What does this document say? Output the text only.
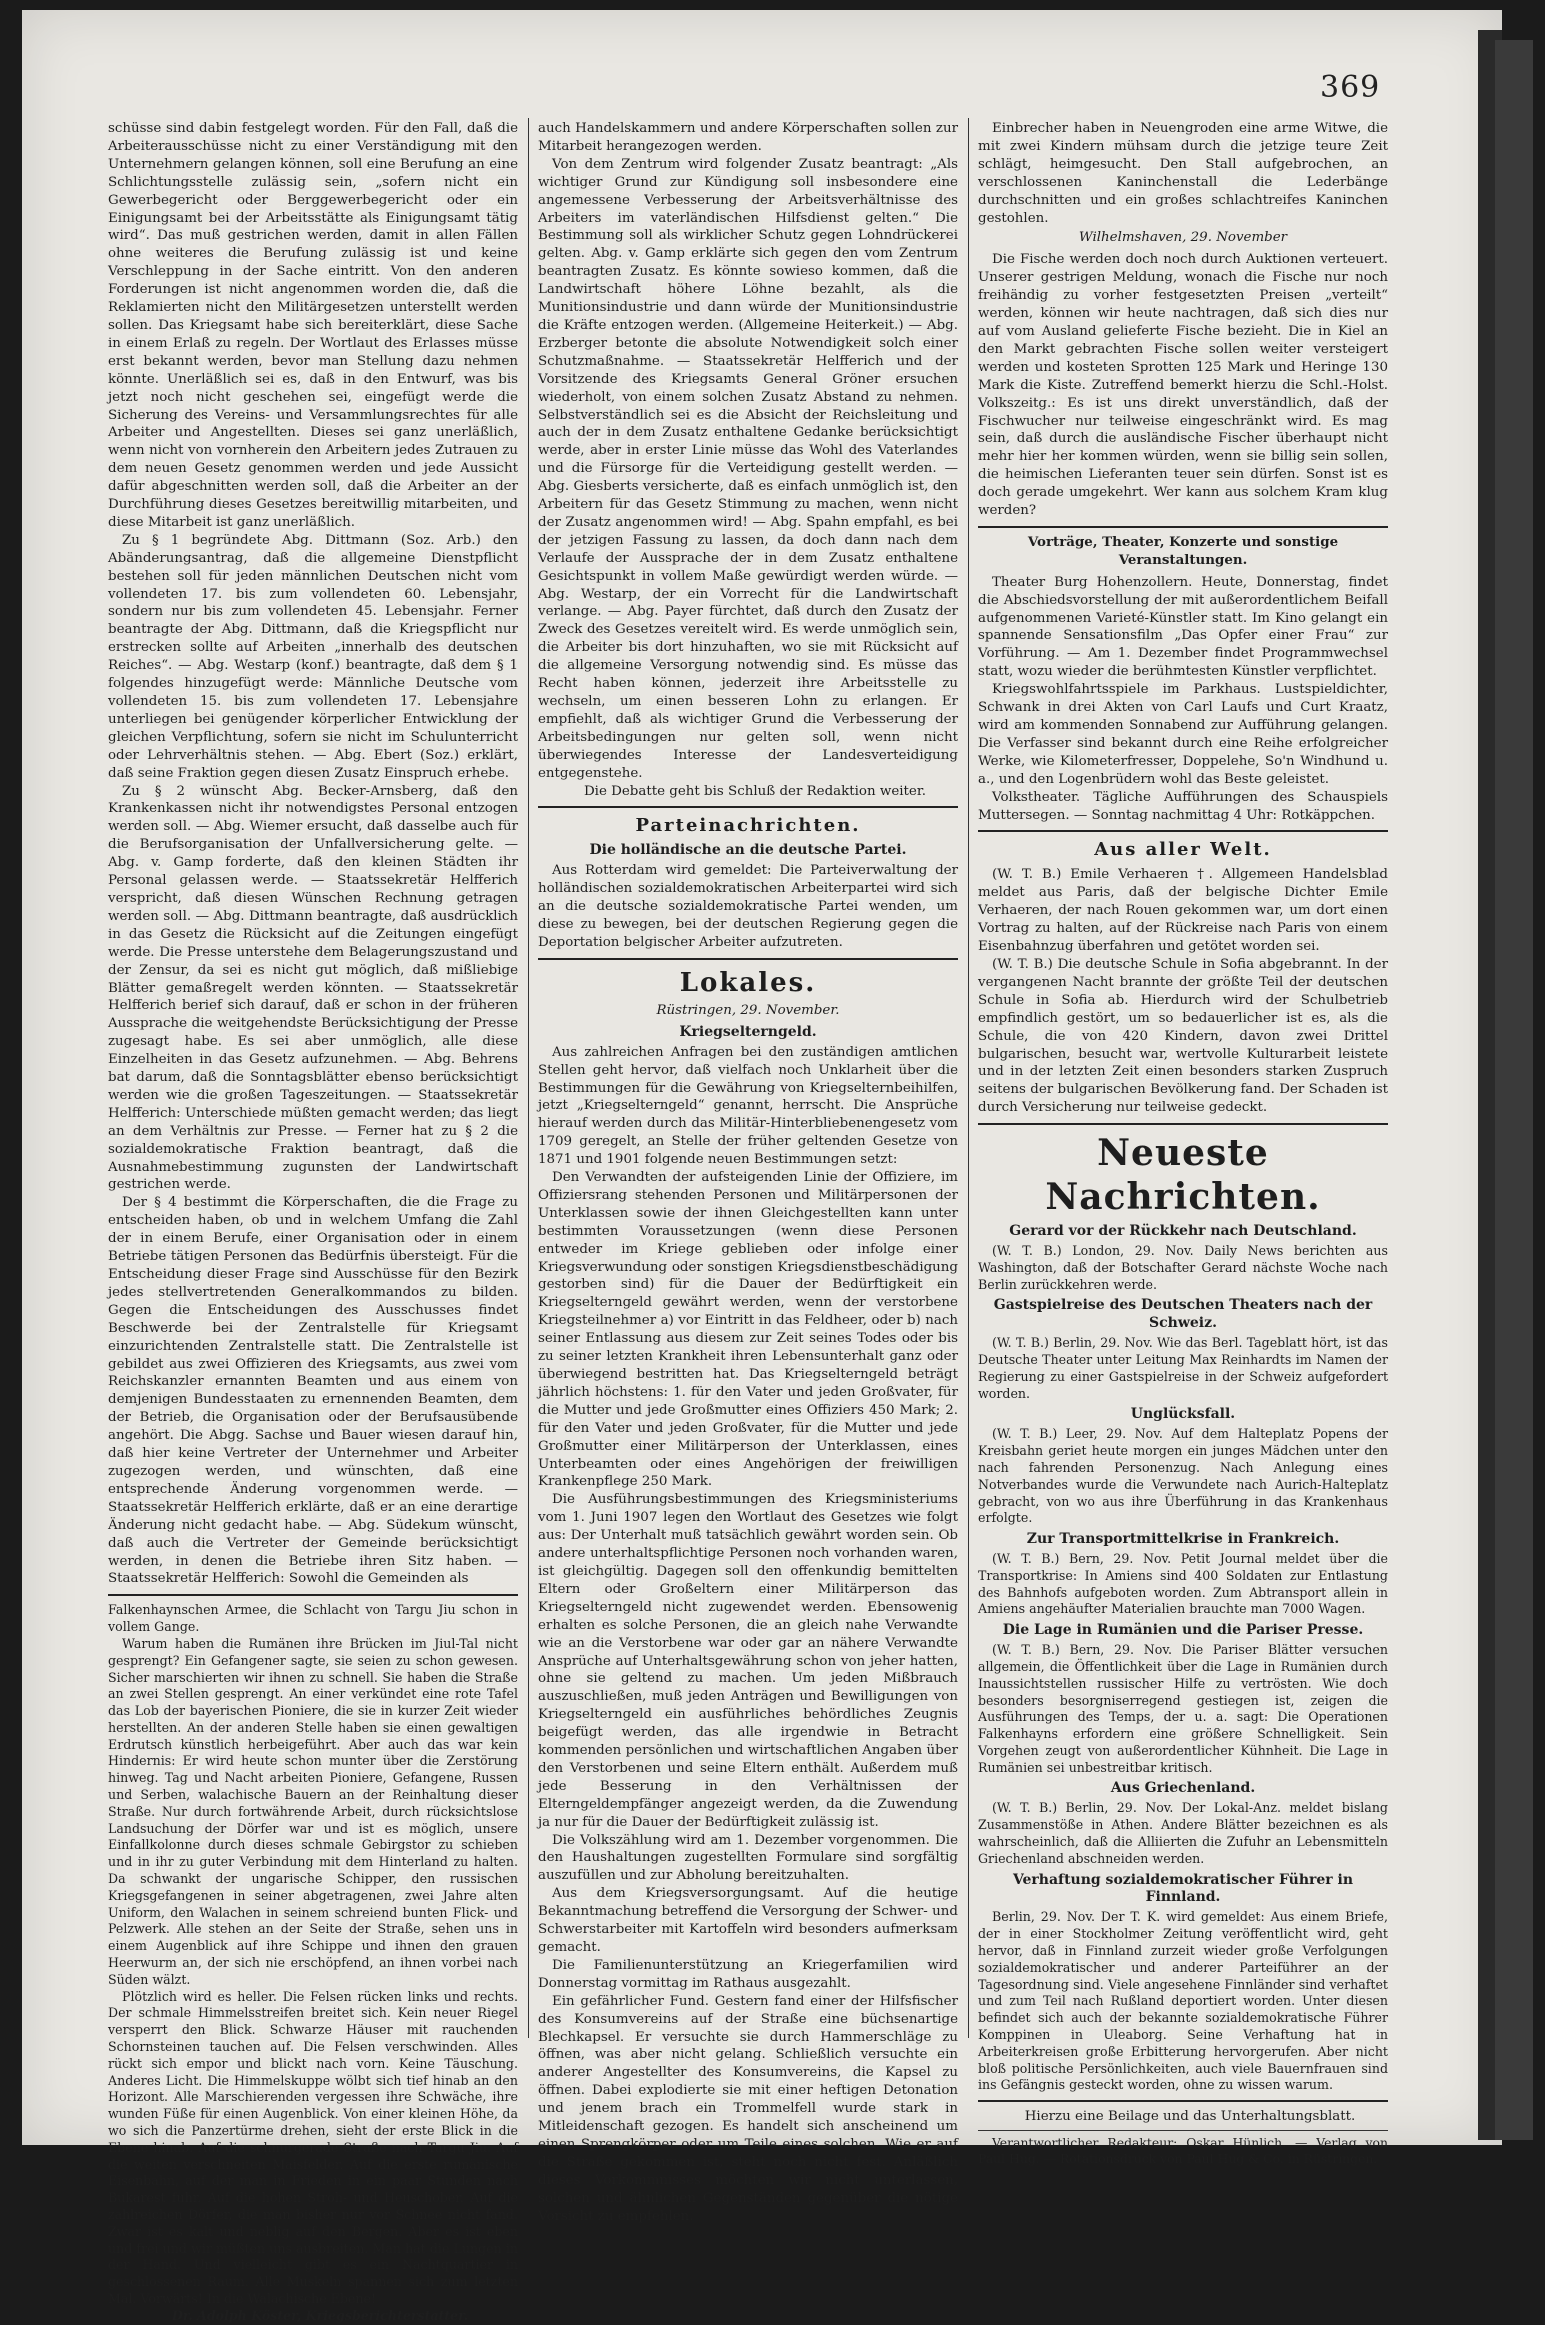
369

schüsse sind dabin festgelegt worden. Für den Fall, daß die Arbeiterausschüsse nicht zu einer Verständigung mit den Unternehmern gelangen können, soll eine Berufung an eine Schlichtungsstelle zulässig sein, „sofern nicht ein Gewerbegericht oder Berggewerbegericht oder ein Einigungsamt bei der Arbeitsstätte als Einigungsamt tätig wird“. Das muß gestrichen werden, damit in allen Fällen ohne weiteres die Berufung zulässig ist und keine Verschleppung in der Sache eintritt. Von den anderen Forderungen ist nicht angenommen worden die, daß die Reklamierten nicht den Militärgesetzen unterstellt werden sollen. Das Kriegsamt habe sich bereiterklärt, diese Sache in einem Erlaß zu regeln. Der Wortlaut des Erlasses müsse erst bekannt werden, bevor man Stellung dazu nehmen könnte. Unerläßlich sei es, daß in den Entwurf, was bis jetzt noch nicht geschehen sei, eingefügt werde die Sicherung des Vereins- und Versammlungsrechtes für alle Arbeiter und Angestellten. Dieses sei ganz unerläßlich, wenn nicht von vornherein den Arbeitern jedes Zutrauen zu dem neuen Gesetz genommen werden und jede Aussicht dafür abgeschnitten werden soll, daß die Arbeiter an der Durchführung dieses Gesetzes bereitwillig mitarbeiten, und diese Mitarbeit ist ganz unerläßlich.

Zu § 1 begründete Abg. Dittmann (Soz. Arb.) den Abänderungsantrag, daß die allgemeine Dienstpflicht bestehen soll für jeden männlichen Deutschen nicht vom vollendeten 17. bis zum vollendeten 60. Lebensjahr, sondern nur bis zum vollendeten 45. Lebensjahr. Ferner beantragte der Abg. Dittmann, daß die Kriegspflicht nur erstrecken sollte auf Arbeiten „innerhalb des deutschen Reiches“. — Abg. Westarp (konf.) beantragte, daß dem § 1 folgendes hinzugefügt werde: Männliche Deutsche vom vollendeten 15. bis zum vollendeten 17. Lebensjahre unterliegen bei genügender körperlicher Entwicklung der gleichen Verpflichtung, sofern sie nicht im Schulunterricht oder Lehrverhältnis stehen. — Abg. Ebert (Soz.) erklärt, daß seine Fraktion gegen diesen Zusatz Einspruch erhebe.

Zu § 2 wünscht Abg. Becker-Arnsberg, daß den Krankenkassen nicht ihr notwendigstes Personal entzogen werden soll. — Abg. Wiemer ersucht, daß dasselbe auch für die Berufsorganisation der Unfallversicherung gelte. — Abg. v. Gamp forderte, daß den kleinen Städten ihr Personal gelassen werde. — Staatssekretär Helfferich verspricht, daß diesen Wünschen Rechnung getragen werden soll. — Abg. Dittmann beantragte, daß ausdrücklich in das Gesetz die Rücksicht auf die Zeitungen eingefügt werde. Die Presse unterstehe dem Belagerungszustand und der Zensur, da sei es nicht gut möglich, daß mißliebige Blätter gemaßregelt werden könnten. — Staatssekretär Helfferich berief sich darauf, daß er schon in der früheren Aussprache die weitgehendste Berücksichtigung der Presse zugesagt habe. Es sei aber unmöglich, alle diese Einzelheiten in das Gesetz aufzunehmen. — Abg. Behrens bat darum, daß die Sonntagsblätter ebenso berücksichtigt werden wie die großen Tageszeitungen. — Staatssekretär Helfferich: Unterschiede müßten gemacht werden; das liegt an dem Verhältnis zur Presse. — Ferner hat zu § 2 die sozialdemokratische Fraktion beantragt, daß die Ausnahmebestimmung zugunsten der Landwirtschaft gestrichen werde.

Der § 4 bestimmt die Körperschaften, die die Frage zu entscheiden haben, ob und in welchem Umfang die Zahl der in einem Berufe, einer Organisation oder in einem Betriebe tätigen Personen das Bedürfnis übersteigt. Für die Entscheidung dieser Frage sind Ausschüsse für den Bezirk jedes stellvertretenden Generalkommandos zu bilden. Gegen die Entscheidungen des Ausschusses findet Beschwerde bei der Zentralstelle für Kriegsamt einzurichtenden Zentralstelle statt. Die Zentralstelle ist gebildet aus zwei Offizieren des Kriegsamts, aus zwei vom Reichskanzler ernannten Beamten und aus einem von demjenigen Bundesstaaten zu ernennenden Beamten, dem der Betrieb, die Organisation oder der Berufsausübende angehört. Die Abgg. Sachse und Bauer wiesen darauf hin, daß hier keine Vertreter der Unternehmer und Arbeiter zugezogen werden, und wünschten, daß eine entsprechende Änderung vorgenommen werde. — Staatssekretär Helfferich erklärte, daß er an eine derartige Änderung nicht gedacht habe. — Abg. Südekum wünscht, daß auch die Vertreter der Gemeinde berücksichtigt werden, in denen die Betriebe ihren Sitz haben. — Staatssekretär Helfferich: Sowohl die Gemeinden als

Falkenhaynschen Armee, die Schlacht von Targu Jiu schon in vollem Gange.

Warum haben die Rumänen ihre Brücken im Jiul-Tal nicht gesprengt? Ein Gefangener sagte, sie seien zu schon gewesen. Sicher marschierten wir ihnen zu schnell. Sie haben die Straße an zwei Stellen gesprengt. An einer verkündet eine rote Tafel das Lob der bayerischen Pioniere, die sie in kurzer Zeit wieder herstellten. An der anderen Stelle haben sie einen gewaltigen Erdrutsch künstlich herbeigeführt. Aber auch das war kein Hindernis: Er wird heute schon munter über die Zerstörung hinweg. Tag und Nacht arbeiten Pioniere, Gefangene, Russen und Serben, walachische Bauern an der Reinhaltung dieser Straße. Nur durch fortwährende Arbeit, durch rücksichtslose Landsuchung der Dörfer war und ist es möglich, unsere Einfallkolonne durch dieses schmale Gebirgstor zu schieben und in ihr zu guter Verbindung mit dem Hinterland zu halten. Da schwankt der ungarische Schipper, den russischen Kriegsgefangenen in seiner abgetragenen, zwei Jahre alten Uniform, den Walachen in seinem schreiend bunten Flick- und Pelzwerk. Alle stehen an der Seite der Straße, sehen uns in einem Augenblick auf ihre Schippe und ihnen den grauen Heerwurm an, der sich nie erschöpfend, an ihnen vorbei nach Süden wälzt.

Plötzlich wird es heller. Die Felsen rücken links und rechts. Der schmale Himmelsstreifen breitet sich. Kein neuer Riegel versperrt den Blick. Schwarze Häuser mit rauchenden Schornsteinen tauchen auf. Die Felsen verschwinden. Alles rückt sich empor und blickt nach vorn. Keine Täuschung. Anderes Licht. Die Himmelskuppe wölbt sich tief hinab an den Horizont. Alle Marschierenden vergessen ihre Schwäche, ihre wunden Füße für einen Augenblick. Von einer kleinen Höhe, da wo sich die Panzertürme drehen, sieht der erste Blick in die Ebene hinab. Auf die schnurgerade Straße nach Targu Jiu. Auf die weiten verschneiten Maisfelder. Auf die erste rumänische Eisenbahn, auf der man in Frieden in ein paar Stunden nach Bukarest fuhr. Auf die hohen Stroh- und Heuschober. Auf die zahlreichen Dörfer, die man bisher nur vor Schnee nicht fand. Zwar ist es kalt und neblig auf den Bergen. Aber es ist eben und frei und wir müßten uns ausbreiten. Man hat die Lungen in der Hand. Und vielleicht gibt es ein Nachtquartier in geschlossenen Raum. Alle Muskeln spannen sich zum letzten Mal. Vorwärts! In die Walachische Ebene!

Dr. Adolph Köster, Kriegsberichterstatter.

auch Handelskammern und andere Körperschaften sollen zur Mitarbeit herangezogen werden.

Von dem Zentrum wird folgender Zusatz beantragt: „Als wichtiger Grund zur Kündigung soll insbesondere eine angemessene Verbesserung der Arbeitsverhältnisse des Arbeiters im vaterländischen Hilfsdienst gelten.“ Die Bestimmung soll als wirklicher Schutz gegen Lohndrückerei gelten. Abg. v. Gamp erklärte sich gegen den vom Zentrum beantragten Zusatz. Es könnte sowieso kommen, daß die Landwirtschaft höhere Löhne bezahlt, als die Munitionsindustrie und dann würde der Munitionsindustrie die Kräfte entzogen werden. (Allgemeine Heiterkeit.) — Abg. Erzberger betonte die absolute Notwendigkeit solch einer Schutzmaßnahme. — Staatssekretär Helfferich und der Vorsitzende des Kriegsamts General Gröner ersuchen wiederholt, von einem solchen Zusatz Abstand zu nehmen. Selbstverständlich sei es die Absicht der Reichsleitung und auch der in dem Zusatz enthaltene Gedanke berücksichtigt werde, aber in erster Linie müsse das Wohl des Vaterlandes und die Fürsorge für die Verteidigung gestellt werden. — Abg. Giesberts versicherte, daß es einfach unmöglich ist, den Arbeitern für das Gesetz Stimmung zu machen, wenn nicht der Zusatz angenommen wird! — Abg. Spahn empfahl, es bei der jetzigen Fassung zu lassen, da doch dann nach dem Verlaufe der Aussprache der in dem Zusatz enthaltene Gesichtspunkt in vollem Maße gewürdigt werden würde. — Abg. Westarp, der ein Vorrecht für die Landwirtschaft verlange. — Abg. Payer fürchtet, daß durch den Zusatz der Zweck des Gesetzes vereitelt wird. Es werde unmöglich sein, die Arbeiter bis dort hinzuhaften, wo sie mit Rücksicht auf die allgemeine Versorgung notwendig sind. Es müsse das Recht haben können, jederzeit ihre Arbeitsstelle zu wechseln, um einen besseren Lohn zu erlangen. Er empfiehlt, daß als wichtiger Grund die Verbesserung der Arbeitsbedingungen nur gelten soll, wenn nicht überwiegendes Interesse der Landesverteidigung entgegenstehe.

Die Debatte geht bis Schluß der Redaktion weiter.

Parteinachrichten.
Die holländische an die deutsche Partei.

Aus Rotterdam wird gemeldet: Die Parteiverwaltung der holländischen sozialdemokratischen Arbeiterpartei wird sich an die deutsche sozialdemokratische Partei wenden, um diese zu bewegen, bei der deutschen Regierung gegen die Deportation belgischer Arbeiter aufzutreten.

Lokales.
Rüstringen, 29. November.
Kriegselterngeld.

Aus zahlreichen Anfragen bei den zuständigen amtlichen Stellen geht hervor, daß vielfach noch Unklarheit über die Bestimmungen für die Gewährung von Kriegselternbeihilfen, jetzt „Kriegselterngeld“ genannt, herrscht. Die Ansprüche hierauf werden durch das Militär-Hinterbliebenengesetz vom 1709 geregelt, an Stelle der früher geltenden Gesetze von 1871 und 1901 folgende neuen Bestimmungen setzt:

Den Verwandten der aufsteigenden Linie der Offiziere, im Offiziersrang stehenden Personen und Militärpersonen der Unterklassen sowie der ihnen Gleichgestellten kann unter bestimmten Voraussetzungen (wenn diese Personen entweder im Kriege geblieben oder infolge einer Kriegsverwundung oder sonstigen Kriegsdienstbeschädigung gestorben sind) für die Dauer der Bedürftigkeit ein Kriegselterngeld gewährt werden, wenn der verstorbene Kriegsteilnehmer a) vor Eintritt in das Feldheer, oder b) nach seiner Entlassung aus diesem zur Zeit seines Todes oder bis zu seiner letzten Krankheit ihren Lebensunterhalt ganz oder überwiegend bestritten hat. Das Kriegselterngeld beträgt jährlich höchstens: 1. für den Vater und jeden Großvater, für die Mutter und jede Großmutter eines Offiziers 450 Mark; 2. für den Vater und jeden Großvater, für die Mutter und jede Großmutter einer Militärperson der Unterklassen, eines Unterbeamten oder eines Angehörigen der freiwilligen Krankenpflege 250 Mark.

Die Ausführungsbestimmungen des Kriegsministeriums vom 1. Juni 1907 legen den Wortlaut des Gesetzes wie folgt aus: Der Unterhalt muß tatsächlich gewährt worden sein. Ob andere unterhaltspflichtige Personen noch vorhanden waren, ist gleichgültig. Dagegen soll den offenkundig bemittelten Eltern oder Großeltern einer Militärperson das Kriegselterngeld nicht zugewendet werden. Ebensowenig erhalten es solche Personen, die an gleich nahe Verwandte wie an die Verstorbene war oder gar an nähere Verwandte Ansprüche auf Unterhaltsgewährung schon von jeher hatten, ohne sie geltend zu machen. Um jeden Mißbrauch auszuschließen, muß jeden Anträgen und Bewilligungen von Kriegselterngeld ein ausführliches behördliches Zeugnis beigefügt werden, das alle irgendwie in Betracht kommenden persönlichen und wirtschaftlichen Angaben über den Verstorbenen und seine Eltern enthält. Außerdem muß jede Besserung in den Verhältnissen der Elterngeldempfänger angezeigt werden, da die Zuwendung ja nur für die Dauer der Bedürftigkeit zulässig ist.

Die Volkszählung wird am 1. Dezember vorgenommen. Die den Haushaltungen zugestellten Formulare sind sorgfältig auszufüllen und zur Abholung bereitzuhalten.

Aus dem Kriegsversorgungsamt. Auf die heutige Bekanntmachung betreffend die Versorgung der Schwer- und Schwerstarbeiter mit Kartoffeln wird besonders aufmerksam gemacht.

Die Familienunterstützung an Kriegerfamilien wird Donnerstag vormittag im Rathaus ausgezahlt.

Ein gefährlicher Fund. Gestern fand einer der Hilfsfischer des Konsumvereins auf der Straße eine büchsenartige Blechkapsel. Er versuchte sie durch Hammerschläge zu öffnen, was aber nicht gelang. Schließlich versuchte ein anderer Angestellter des Konsumvereins, die Kapsel zu öffnen. Dabei explodierte sie mit einer heftigen Detonation und jenem brach ein Trommelfell wurde stark in Mitleidenschaft gezogen. Es handelt sich anscheinend um einen Sprengkörper oder um Teile eines solchen. Wie er auf die Straße gekommen ist, steht noch nicht fest. Anläßlich dieses Vorkommnisses möchten wir nicht unterlassen, solchen und ähnlichen Gegenständen gegenüber die nötige Vorsicht zu empfehlen.

Einbrecher haben in Neuengroden eine arme Witwe, die mit zwei Kindern mühsam durch die jetzige teure Zeit schlägt, heimgesucht. Den Stall aufgebrochen, an verschlossenen Kaninchenstall die Lederbänge durchschnitten und ein großes schlachtreifes Kaninchen gestohlen.

Wilhelmshaven, 29. November

Die Fische werden doch noch durch Auktionen verteuert. Unserer gestrigen Meldung, wonach die Fische nur noch freihändig zu vorher festgesetzten Preisen „verteilt“ werden, können wir heute nachtragen, daß sich dies nur auf vom Ausland gelieferte Fische bezieht. Die in Kiel an den Markt gebrachten Fische sollen weiter versteigert werden und kosteten Sprotten 125 Mark und Heringe 130 Mark die Kiste. Zutreffend bemerkt hierzu die Schl.-Holst. Volkszeitg.: Es ist uns direkt unverständlich, daß der Fischwucher nur teilweise eingeschränkt wird. Es mag sein, daß durch die ausländische Fischer überhaupt nicht mehr hier her kommen würden, wenn sie billig sein sollen, die heimischen Lieferanten teuer sein dürfen. Sonst ist es doch gerade umgekehrt. Wer kann aus solchem Kram klug werden?

Vorträge, Theater, Konzerte und sonstige Veranstaltungen.

Theater Burg Hohenzollern. Heute, Donnerstag, findet die Abschiedsvorstellung der mit außerordentlichem Beifall aufgenommenen Varieté-Künstler statt. Im Kino gelangt ein spannende Sensationsfilm „Das Opfer einer Frau“ zur Vorführung. — Am 1. Dezember findet Programmwechsel statt, wozu wieder die berühmtesten Künstler verpflichtet.

Kriegswohlfahrtsspiele im Parkhaus. Lustspieldichter, Schwank in drei Akten von Carl Laufs und Curt Kraatz, wird am kommenden Sonnabend zur Aufführung gelangen. Die Verfasser sind bekannt durch eine Reihe erfolgreicher Werke, wie Kilometerfresser, Doppelehe, So'n Windhund u. a., und den Logenbrüdern wohl das Beste geleistet.

Volkstheater. Tägliche Aufführungen des Schauspiels Muttersegen. — Sonntag nachmittag 4 Uhr: Rotkäppchen.

Aus aller Welt.

(W. T. B.) Emile Verhaeren †. Allgemeen Handelsblad meldet aus Paris, daß der belgische Dichter Emile Verhaeren, der nach Rouen gekommen war, um dort einen Vortrag zu halten, auf der Rückreise nach Paris von einem Eisenbahnzug überfahren und getötet worden sei.

(W. T. B.) Die deutsche Schule in Sofia abgebrannt. In der vergangenen Nacht brannte der größte Teil der deutschen Schule in Sofia ab. Hierdurch wird der Schulbetrieb empfindlich gestört, um so bedauerlicher ist es, als die Schule, die von 420 Kindern, davon zwei Drittel bulgarischen, besucht war, wertvolle Kulturarbeit leistete und in der letzten Zeit einen besonders starken Zuspruch seitens der bulgarischen Bevölkerung fand. Der Schaden ist durch Versicherung nur teilweise gedeckt.

Neueste Nachrichten.
Gerard vor der Rückkehr nach Deutschland.

(W. T. B.) London, 29. Nov. Daily News berichten aus Washington, daß der Botschafter Gerard nächste Woche nach Berlin zurückkehren werde.

Gastspielreise des Deutschen Theaters nach der Schweiz.

(W. T. B.) Berlin, 29. Nov. Wie das Berl. Tageblatt hört, ist das Deutsche Theater unter Leitung Max Reinhardts im Namen der Regierung zu einer Gastspielreise in der Schweiz aufgefordert worden.

Unglücksfall.

(W. T. B.) Leer, 29. Nov. Auf dem Halteplatz Popens der Kreisbahn geriet heute morgen ein junges Mädchen unter den nach fahrenden Personenzug. Nach Anlegung eines Notverbandes wurde die Verwundete nach Aurich-Halteplatz gebracht, von wo aus ihre Überführung in das Krankenhaus erfolgte.

Zur Transportmittelkrise in Frankreich.

(W. T. B.) Bern, 29. Nov. Petit Journal meldet über die Transportkrise: In Amiens sind 400 Soldaten zur Entlastung des Bahnhofs aufgeboten worden. Zum Abtransport allein in Amiens angehäufter Materialien brauchte man 7000 Wagen.

Die Lage in Rumänien und die Pariser Presse.

(W. T. B.) Bern, 29. Nov. Die Pariser Blätter versuchen allgemein, die Öffentlichkeit über die Lage in Rumänien durch Inaussichtstellen russischer Hilfe zu vertrösten. Wie doch besonders besorgniserregend gestiegen ist, zeigen die Ausführungen des Temps, der u. a. sagt: Die Operationen Falkenhayns erfordern eine größere Schnelligkeit. Sein Vorgehen zeugt von außerordentlicher Kühnheit. Die Lage in Rumänien sei unbestreitbar kritisch.

Aus Griechenland.

(W. T. B.) Berlin, 29. Nov. Der Lokal-Anz. meldet bislang Zusammenstöße in Athen. Andere Blätter bezeichnen es als wahrscheinlich, daß die Alliierten die Zufuhr an Lebensmitteln Griechenland abschneiden werden.

Verhaftung sozialdemokratischer Führer in Finnland.

Berlin, 29. Nov. Der T. K. wird gemeldet: Aus einem Briefe, der in einer Stockholmer Zeitung veröffentlicht wird, geht hervor, daß in Finnland zurzeit wieder große Verfolgungen sozialdemokratischer und anderer Parteiführer an der Tagesordnung sind. Viele angesehene Finnländer sind verhaftet und zum Teil nach Rußland deportiert worden. Unter diesen befindet sich auch der bekannte sozialdemokratische Führer Komppinen in Uleaborg. Seine Verhaftung hat in Arbeiterkreisen große Erbitterung hervorgerufen. Aber nicht bloß politische Persönlichkeiten, auch viele Bauernfrauen sind ins Gefängnis gesteckt worden, ohne zu wissen warum.

Hierzu eine Beilage und das Unterhaltungsblatt.

Verantwortlicher Redakteur: Oskar Hünlich. — Verlag von Paul Hug. — Rotationsdruck von Paul Hug & Co. in Rüstringen.
